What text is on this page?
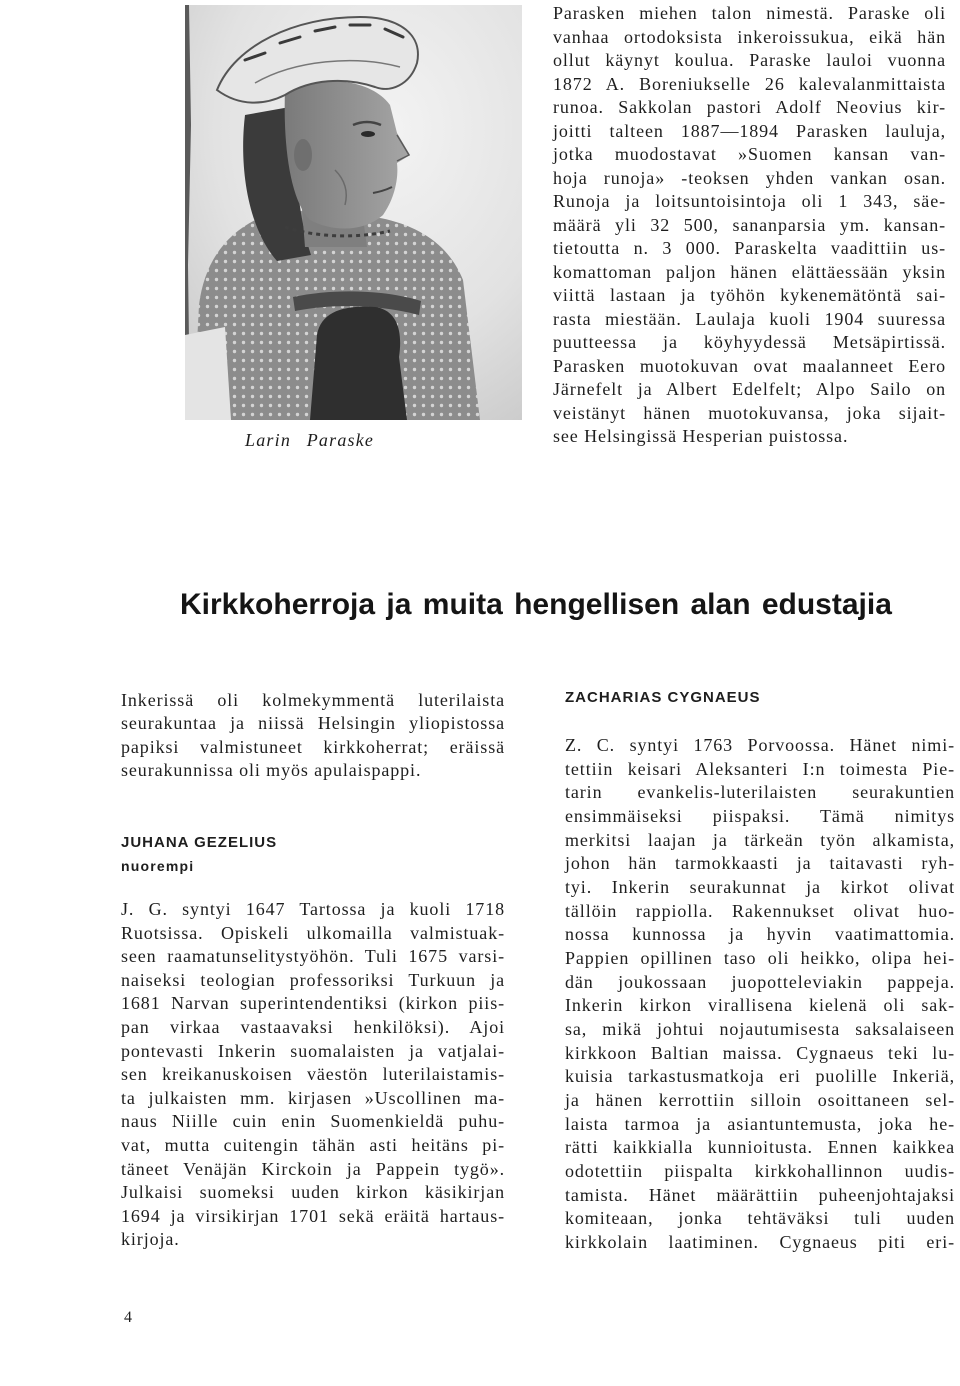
Larin Paraske
Parasken miehen talon nimestä. Paraske oli
vanhaa ortodoksista inkeroissukua, eikä hän
ollut käynyt koulua. Paraske lauloi vuonna
1872 A. Boreniukselle 26 kalevalanmittaista
runoa. Sakkolan pastori Adolf Neovius kir-
joitti talteen 1887—1894 Parasken lauluja,
jotka muodostavat »Suomen kansan van-
hoja runoja» -teoksen yhden vankan osan.
Runoja ja loitsuntoisintoja oli 1 343, säe-
määrä yli 32 500, sananparsia ym. kansan-
tietoutta n. 3 000. Paraskelta vaadittiin us-
komattoman paljon hänen elättäessään yksin
viittä lastaan ja työhön kykenemätöntä sai-
rasta miestään. Laulaja kuoli 1904 suuressa
puutteessa ja köyhyydessä Metsäpirtissä.
Parasken muotokuvan ovat maalanneet Eero
Järnefelt ja Albert Edelfelt; Alpo Sailo on
veistänyt hänen muotokuvansa, joka sijait-
see Helsingissä Hesperian puistossa.
Kirkkoherroja ja muita hengellisen alan edustajia
Inkerissä oli kolmekymmentä luterilaista
seurakuntaa ja niissä Helsingin yliopistossa
papiksi valmistuneet kirkkoherrat; eräissä
seurakunnissa oli myös apulaispappi.
JUHANA GEZELIUS
nuorempi
J. G. syntyi 1647 Tartossa ja kuoli 1718
Ruotsissa. Opiskeli ulkomailla valmistuak-
seen raamatunselitystyöhön. Tuli 1675 varsi-
naiseksi teologian professoriksi Turkuun ja
1681 Narvan superintendentiksi (kirkon piis-
pan virkaa vastaavaksi henkilöksi). Ajoi
pontevasti Inkerin suomalaisten ja vatjalai-
sen kreikanuskoisen väestön luterilaistamis-
ta julkaisten mm. kirjasen »Uscollinen ma-
naus Niille cuin enin Suomenkieldä puhu-
vat, mutta cuitengin tähän asti heitäns pi-
täneet Venäjän Kirckoin ja Pappein tygö».
Julkaisi suomeksi uuden kirkon käsikirjan
1694 ja virsikirjan 1701 sekä eräitä hartaus-
kirjoja.
ZACHARIAS CYGNAEUS
Z. C. syntyi 1763 Porvoossa. Hänet nimi-
tettiin keisari Aleksanteri I:n toimesta Pie-
tarin evankelis-luterilaisten seurakuntien
ensimmäiseksi piispaksi. Tämä nimitys
merkitsi laajan ja tärkeän työn alkamista,
johon hän tarmokkaasti ja taitavasti ryh-
tyi. Inkerin seurakunnat ja kirkot olivat
tällöin rappiolla. Rakennukset olivat huo-
nossa kunnossa ja hyvin vaatimattomia.
Pappien opillinen taso oli heikko, olipa hei-
dän joukossaan juopotteleviakin pappeja.
Inkerin kirkon virallisena kielenä oli sak-
sa, mikä johtui nojautumisesta saksalaiseen
kirkkoon Baltian maissa. Cygnaeus teki lu-
kuisia tarkastusmatkoja eri puolille Inkeriä,
ja hänen kerrottiin silloin osoittaneen sel-
laista tarmoa ja asiantuntemusta, joka he-
rätti kaikkialla kunnioitusta. Ennen kaikkea
odotettiin piispalta kirkkohallinnon uudis-
tamista. Hänet määrättiin puheenjohtajaksi
komiteaan, jonka tehtäväksi tuli uuden
kirkkolain laatiminen. Cygnaeus piti eri-
4
